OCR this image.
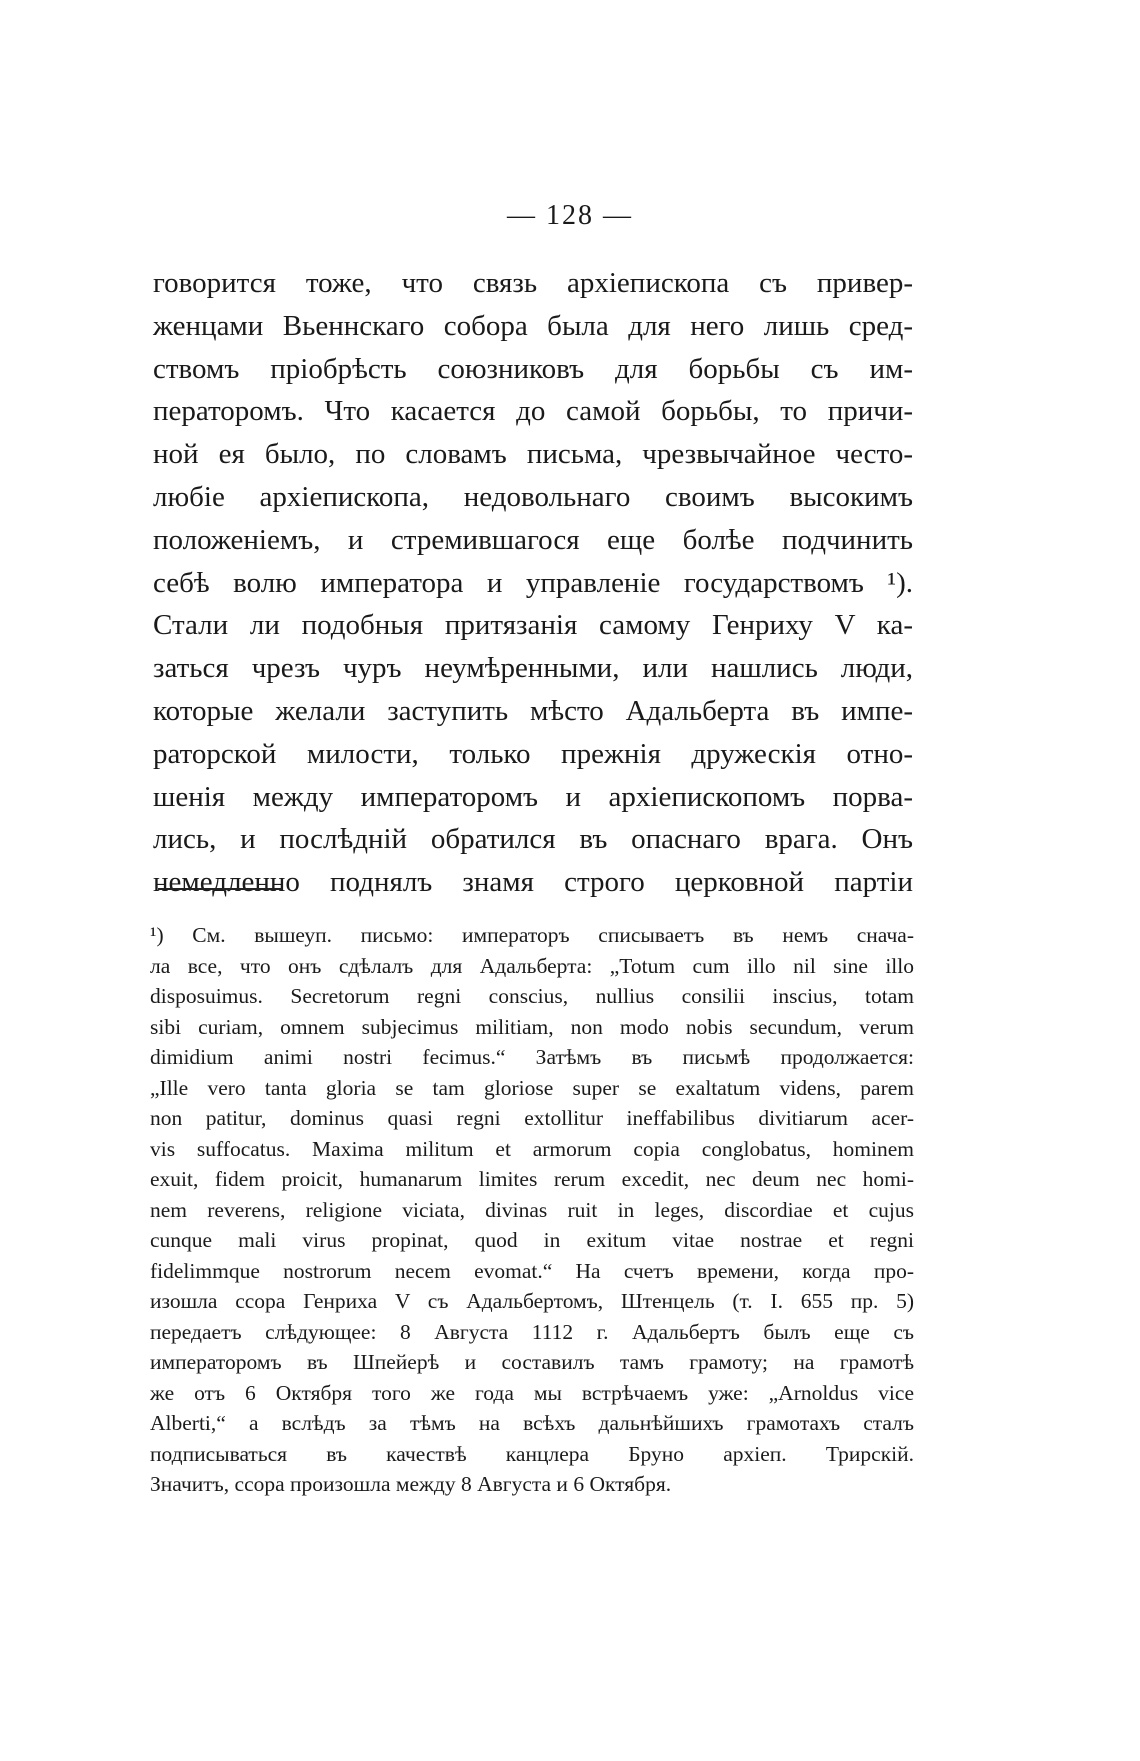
— 128 —
говорится тоже, что связь архіепископа съ привер-
женцами Вьеннскаго собора была для него лишь сред-
ствомъ пріобрѣсть союзниковъ для борьбы съ им-
ператоромъ. Что касается до самой борьбы, то причи-
ной ея было, по словамъ письма, чрезвычайное често-
любіе архіепископа, недовольнаго своимъ высокимъ
положеніемъ, и стремившагося еще болѣе подчинить
себѣ волю императора и управленіе государствомъ ¹).
Стали ли подобныя притязанія самому Генриху V ка-
заться чрезъ чуръ неумѣренными, или нашлись люди,
которые желали заступить мѣсто Адальберта въ импе-
раторской милости, только прежнія дружескія отно-
шенія между императоромъ и архіепископомъ порва-
лись, и послѣдній обратился въ опаснаго врага. Онъ
немедленно поднялъ знамя строго церковной партіи
¹) См. вышеуп. письмо: императоръ списываетъ въ немъ снача-
ла все, что онъ сдѣлалъ для Адальберта: „Totum cum illo nil sine illo
disposuimus. Secretorum regni conscius, nullius consilii inscius, totam
sibi curiam, omnem subjecimus militiam, non modo nobis secundum, verum
dimidium animi nostri fecimus.“ Затѣмъ въ письмѣ продолжается:
„Ille vero tanta gloria se tam gloriose super se exaltatum videns, parem
non patitur, dominus quasi regni extollitur ineffabilibus divitiarum acer-
vis suffocatus. Maxima militum et armorum copia conglobatus, hominem
exuit, fidem proicit, humanarum limites rerum excedit, nec deum nec homi-
nem reverens, religione viciata, divinas ruit in leges, discordiae et cujus
cunque mali virus propinat, quod in exitum vitae nostrae et regni
fidelimmque nostrorum necem evomat.“ На счетъ времени, когда про-
изошла ссора Генриха V съ Адальбертомъ, Штенцель (т. I. 655 пр. 5)
передаетъ слѣдующее: 8 Августа 1112 г. Адальбертъ былъ еще съ
императоромъ въ Шпейерѣ и составилъ тамъ грамоту; на грамотѣ
же отъ 6 Октября того же года мы встрѣчаемъ уже: „Arnoldus vice
Alberti,“ а вслѣдъ за тѣмъ на всѣхъ дальнѣйшихъ грамотахъ сталъ
подписываться въ качествѣ канцлера Бруно архіеп. Трирскій.
Значитъ, ссора произошла между 8 Августа и 6 Октября.
